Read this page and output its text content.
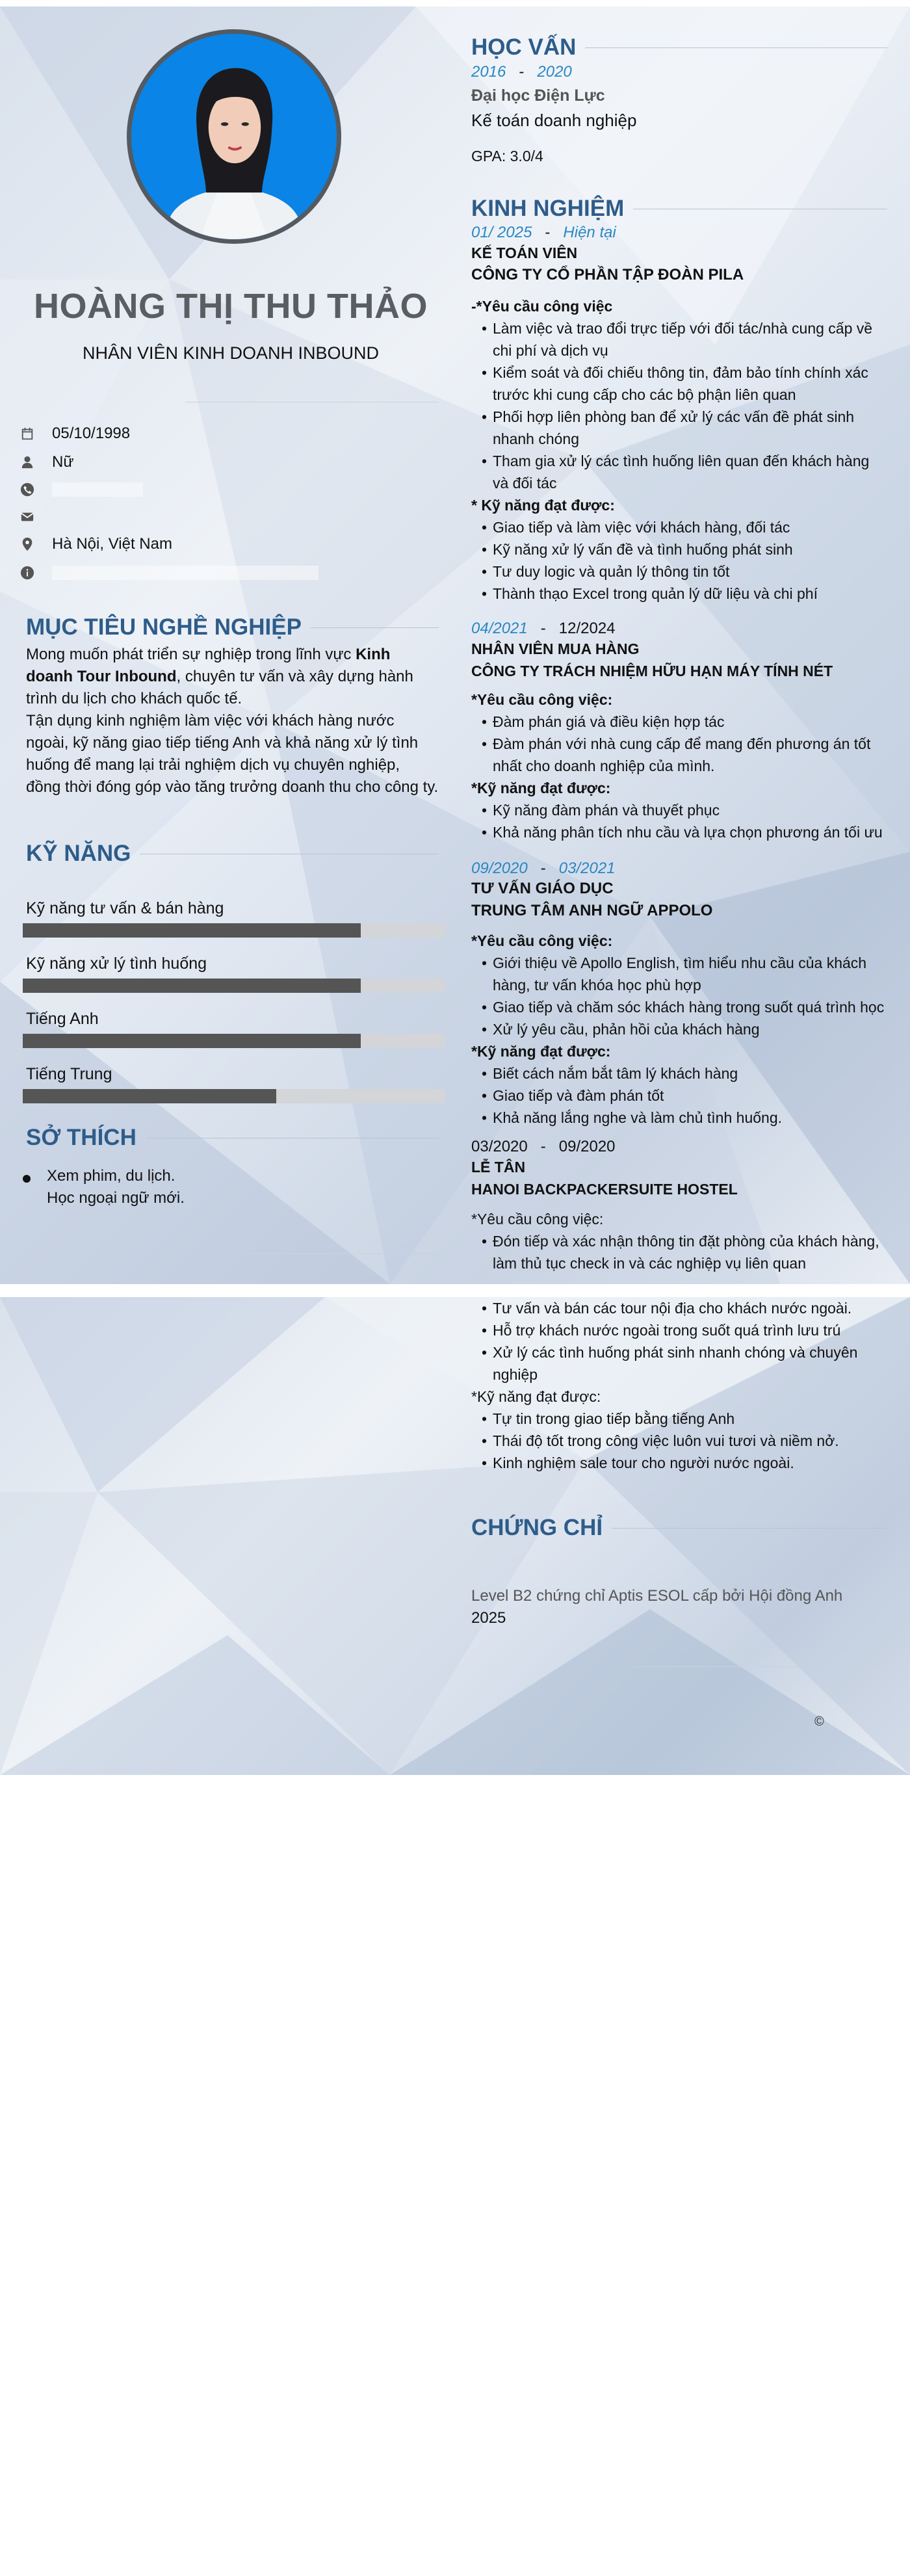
HOÀNG THỊ THU THẢO
NHÂN VIÊN KINH DOANH INBOUND
05/10/1998
Nữ
Hà Nội, Việt Nam
MỤC TIÊU NGHỀ NGHIỆP
Mong muốn phát triển sự nghiệp trong lĩnh vực Kinh doanh Tour Inbound, chuyên tư vấn và xây dựng hành trình du lịch cho khách quốc tế.
Tận dụng kinh nghiệm làm việc với khách hàng nước ngoài, kỹ năng giao tiếp tiếng Anh và khả năng xử lý tình huống để mang lại trải nghiệm dịch vụ chuyên nghiệp, đồng thời đóng góp vào tăng trưởng doanh thu cho công ty.
KỸ NĂNG
Kỹ năng tư vấn & bán hàng
Kỹ năng xử lý tình huống
Tiếng Anh
Tiếng Trung
SỞ THÍCH
Xem phim, du lịch.
Học ngoại ngữ mới.
HỌC VẤN
2016 - 2020
Đại học Điện Lực
Kế toán doanh nghiệp
GPA: 3.0/4
KINH NGHIỆM
01/ 2025 - Hiện tại
KẾ TOÁN VIÊN
CÔNG TY CỔ PHẦN TẬP ĐOÀN PILA
-*Yêu cầu công việc
• Làm việc và trao đổi trực tiếp với đối tác/nhà cung cấp về chi phí và dịch vụ
• Kiểm soát và đối chiếu thông tin, đảm bảo tính chính xác trước khi cung cấp cho các bộ phận liên quan
• Phối hợp liên phòng ban để xử lý các vấn đề phát sinh nhanh chóng
• Tham gia xử lý các tình huống liên quan đến khách hàng và đối tác
* Kỹ năng đạt được:
• Giao tiếp và làm việc với khách hàng, đối tác
• Kỹ năng xử lý vấn đề và tình huống phát sinh
• Tư duy logic và quản lý thông tin tốt
• Thành thạo Excel trong quản lý dữ liệu và chi phí
04/2021 - 12/2024
NHÂN VIÊN MUA HÀNG
CÔNG TY TRÁCH NHIỆM HỮU HẠN MÁY TÍNH NÉT
*Yêu cầu công việc:
• Đàm phán giá và điều kiện hợp tác
• Đàm phán với nhà cung cấp để mang đến phương án tốt nhất cho doanh nghiệp của mình.
*Kỹ năng đạt được:
• Kỹ năng đàm phán và thuyết phục
• Khả năng phân tích nhu cầu và lựa chọn phương án tối ưu
09/2020 - 03/2021
TƯ VẤN GIÁO DỤC
TRUNG TÂM ANH NGỮ APPOLO
*Yêu cầu công việc:
• Giới thiệu về Apollo English, tìm hiểu nhu cầu của khách hàng, tư vấn khóa học phù hợp
• Giao tiếp và chăm sóc khách hàng trong suốt quá trình học
• Xử lý yêu cầu, phản hồi của khách hàng
*Kỹ năng đạt được:
• Biết cách nắm bắt tâm lý khách hàng
• Giao tiếp và đàm phán tốt
• Khả năng lắng nghe và làm chủ tình huống.
03/2020 - 09/2020
LỄ TÂN
HANOI BACKPACKERSUITE HOSTEL
*Yêu cầu công việc:
• Đón tiếp và xác nhận thông tin đặt phòng của khách hàng, làm thủ tục check in và các nghiệp vụ liên quan
• Tư vấn và bán các tour nội địa cho khách nước ngoài.
• Hỗ trợ khách nước ngoài trong suốt quá trình lưu trú
• Xử lý các tình huống phát sinh nhanh chóng và chuyên nghiệp
*Kỹ năng đạt được:
• Tự tin trong giao tiếp bằng tiếng Anh
• Thái độ tốt trong công việc luôn vui tươi và niềm nở.
• Kinh nghiệm sale tour cho người nước ngoài.
CHỨNG CHỈ
Level B2 chứng chỉ Aptis ESOL cấp bởi Hội đồng Anh
2025
©
